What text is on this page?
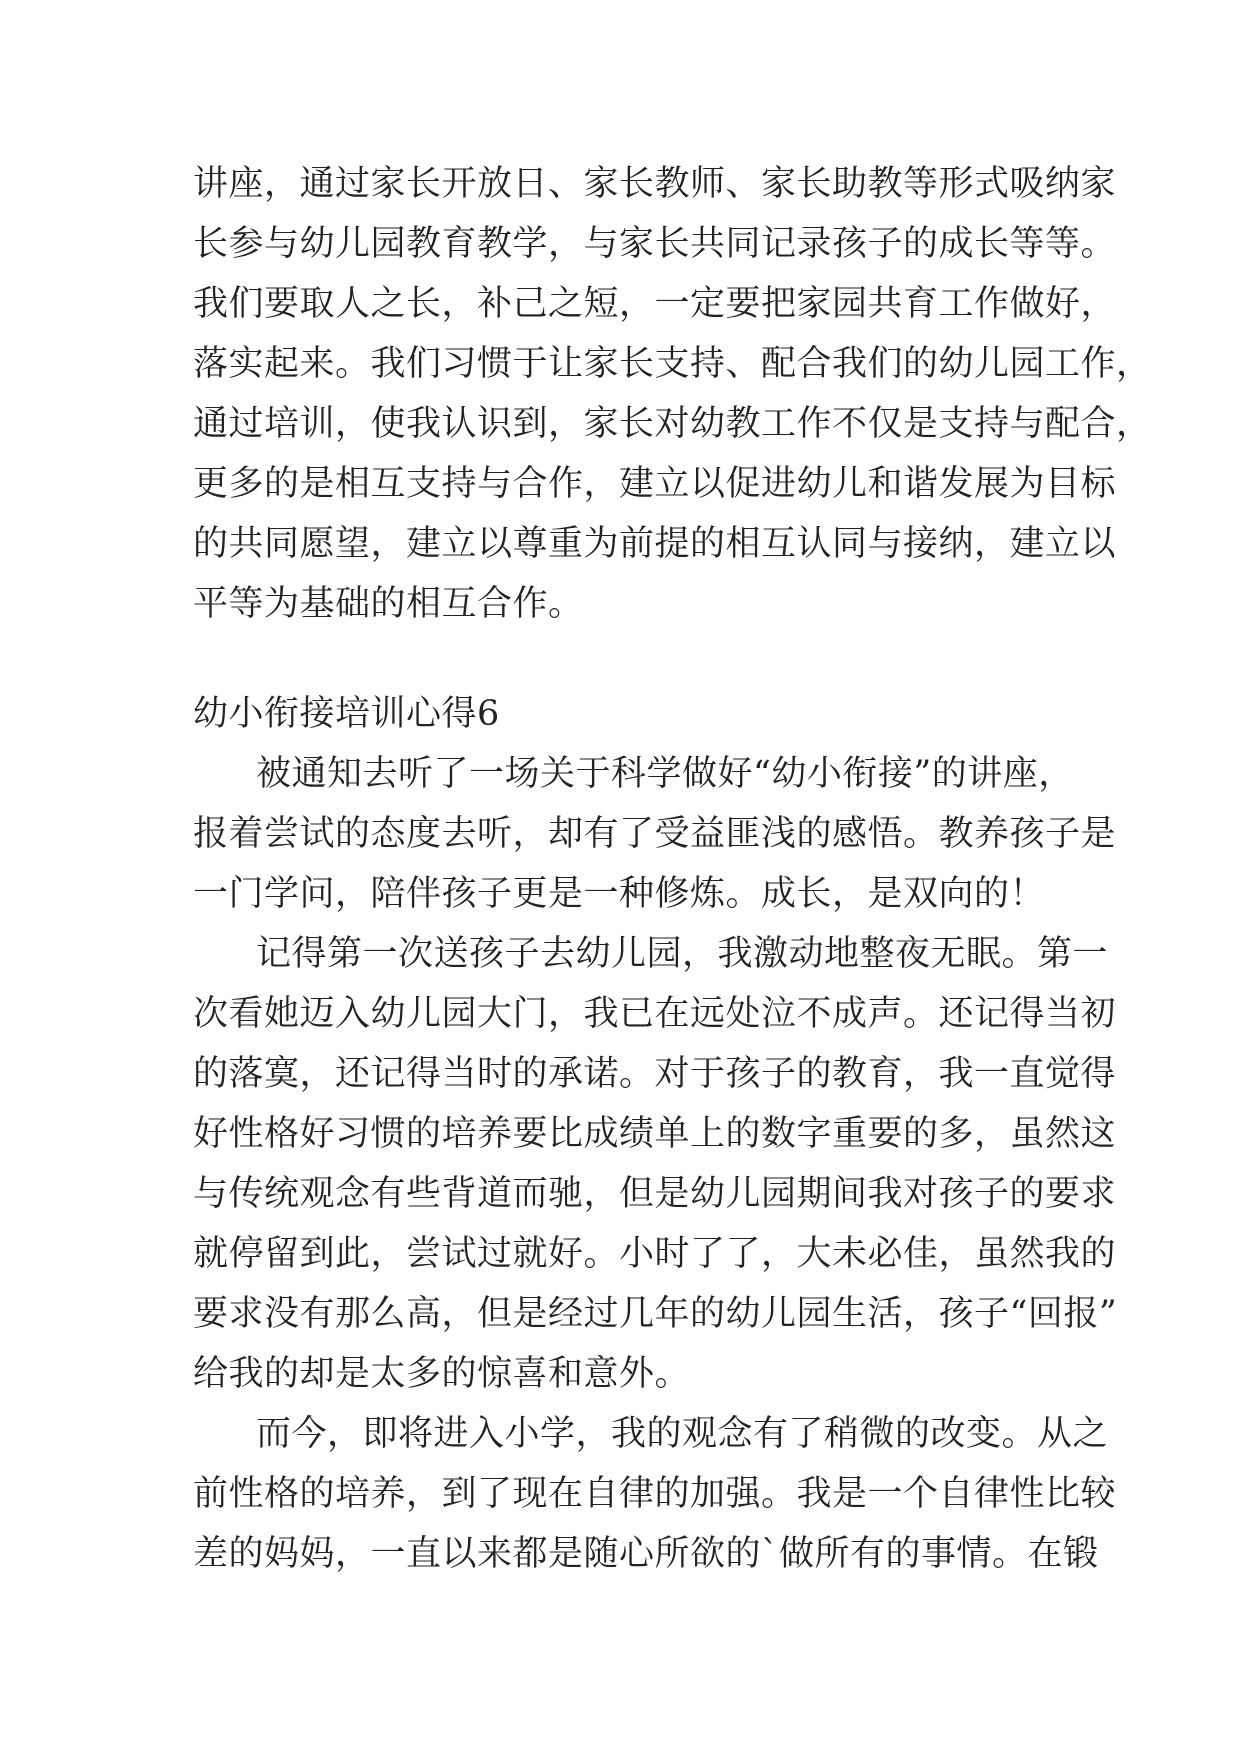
讲座，通过家长开放日、家长教师、家长助教等形式吸纳家
长参与幼儿园教育教学，与家长共同记录孩子的成长等等。
我们要取人之长，补己之短，一定要把家园共育工作做好，
落实起来。我们习惯于让家长支持、配合我们的幼儿园工作，
通过培训，使我认识到，家长对幼教工作不仅是支持与配合，
更多的是相互支持与合作，建立以促进幼儿和谐发展为目标
的共同愿望，建立以尊重为前提的相互认同与接纳，建立以
平等为基础的相互合作。
幼小衔接培训心得6
被通知去听了一场关于科学做好“幼小衔接”的讲座，
报着尝试的态度去听，却有了受益匪浅的感悟。教养孩子是
一门学问，陪伴孩子更是一种修炼。成长，是双向的！
记得第一次送孩子去幼儿园，我激动地整夜无眠。第一
次看她迈入幼儿园大门，我已在远处泣不成声。还记得当初
的落寞，还记得当时的承诺。对于孩子的教育，我一直觉得
好性格好习惯的培养要比成绩单上的数字重要的多，虽然这
与传统观念有些背道而驰，但是幼儿园期间我对孩子的要求
就停留到此，尝试过就好。小时了了，大未必佳，虽然我的
要求没有那么高，但是经过几年的幼儿园生活，孩子“回报”
给我的却是太多的惊喜和意外。
而今，即将进入小学，我的观念有了稍微的改变。从之
前性格的培养，到了现在自律的加强。我是一个自律性比较
差的妈妈，一直以来都是随心所欲的`做所有的事情。在锻
